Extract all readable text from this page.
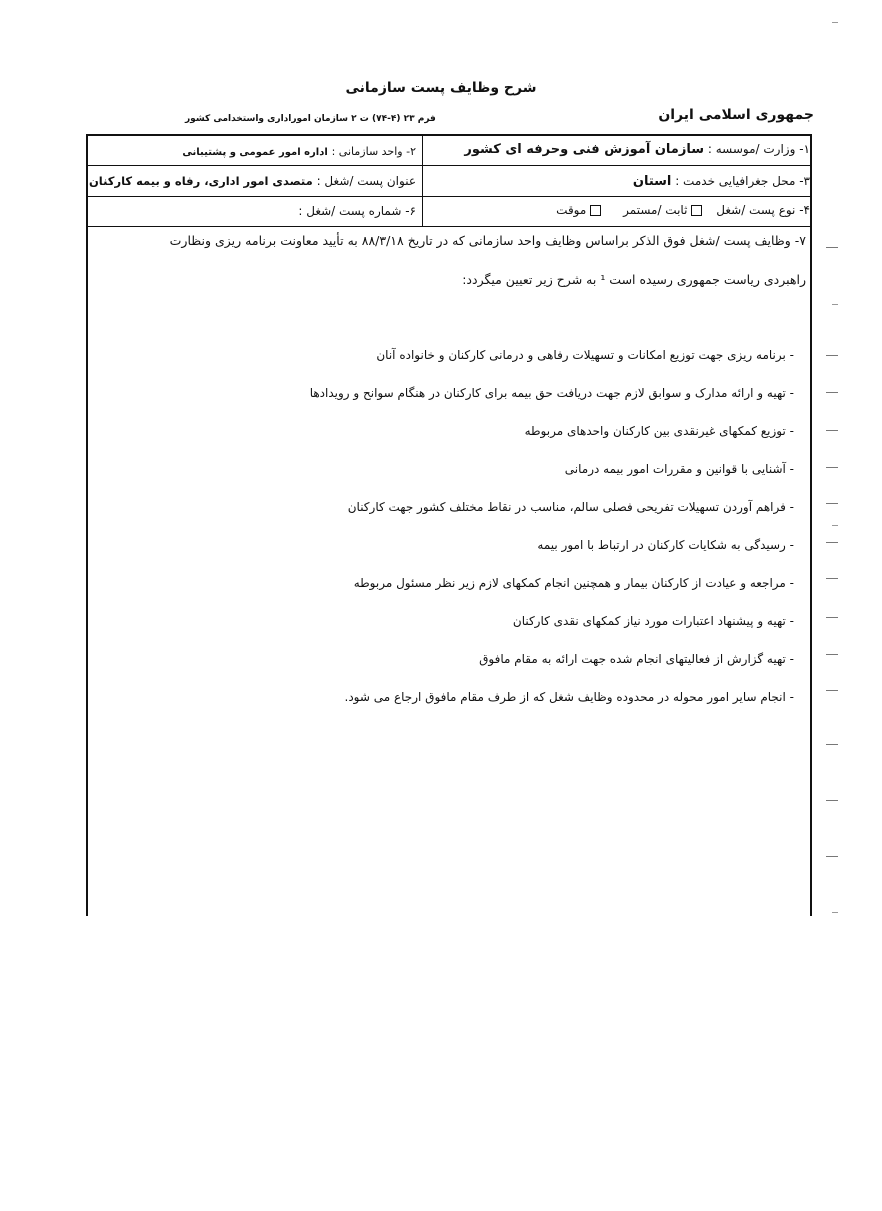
شرح وظایف پست سازمانی
جمهوری اسلامی ایران
فرم ۲۳ (۴-۷۴) ت ۲ سازمان اموراداری واستخدامی کشور
۱- وزارت /موسسه : سازمان آموزش فنی وحرفه ای کشور
۲- واحد سازمانی : اداره امور عمومی و پشتیبانی
۳- محل جغرافیایی خدمت : استان
عنوان پست /شغل : متصدی امور اداری، رفاه و بیمه کارکنان
۴- نوع پست /شغل ثابت /مستمر موقت
۶- شماره پست /شغل :
۷- وظایف پست /شغل فوق الذکر براساس وظایف واحد سازمانی که در تاریخ ۸۸/۳/۱۸ به تأیید معاونت برنامه ریزی ونظارت
راهبردی ریاست جمهوری رسیده است ¹ به شرح زیر تعیین میگردد:
- برنامه ریزی جهت توزیع امکانات و تسهیلات رفاهی و درمانی کارکنان و خانواده آنان
- تهیه و ارائه مدارک و سوابق لازم جهت دریافت حق بیمه برای کارکنان در هنگام سوانح و رویدادها
- توزیع کمکهای غیرنقدی بین کارکنان واحدهای مربوطه
- آشنایی با قوانین و مقررات امور بیمه درمانی
- فراهم آوردن تسهیلات تفریحی فصلی سالم، مناسب در نقاط مختلف کشور جهت کارکنان
- رسیدگی به شکایات کارکنان در ارتباط با امور بیمه
- مراجعه و عیادت از کارکنان بیمار و همچنین انجام کمکهای لازم زیر نظر مسئول مربوطه
- تهیه و پیشنهاد اعتبارات مورد نیاز کمکهای نقدی کارکنان
- تهیه گزارش از فعالیتهای انجام شده جهت ارائه به مقام مافوق
- انجام سایر امور محوله در محدوده وظایف شغل که از طرف مقام مافوق ارجاع می شود.
